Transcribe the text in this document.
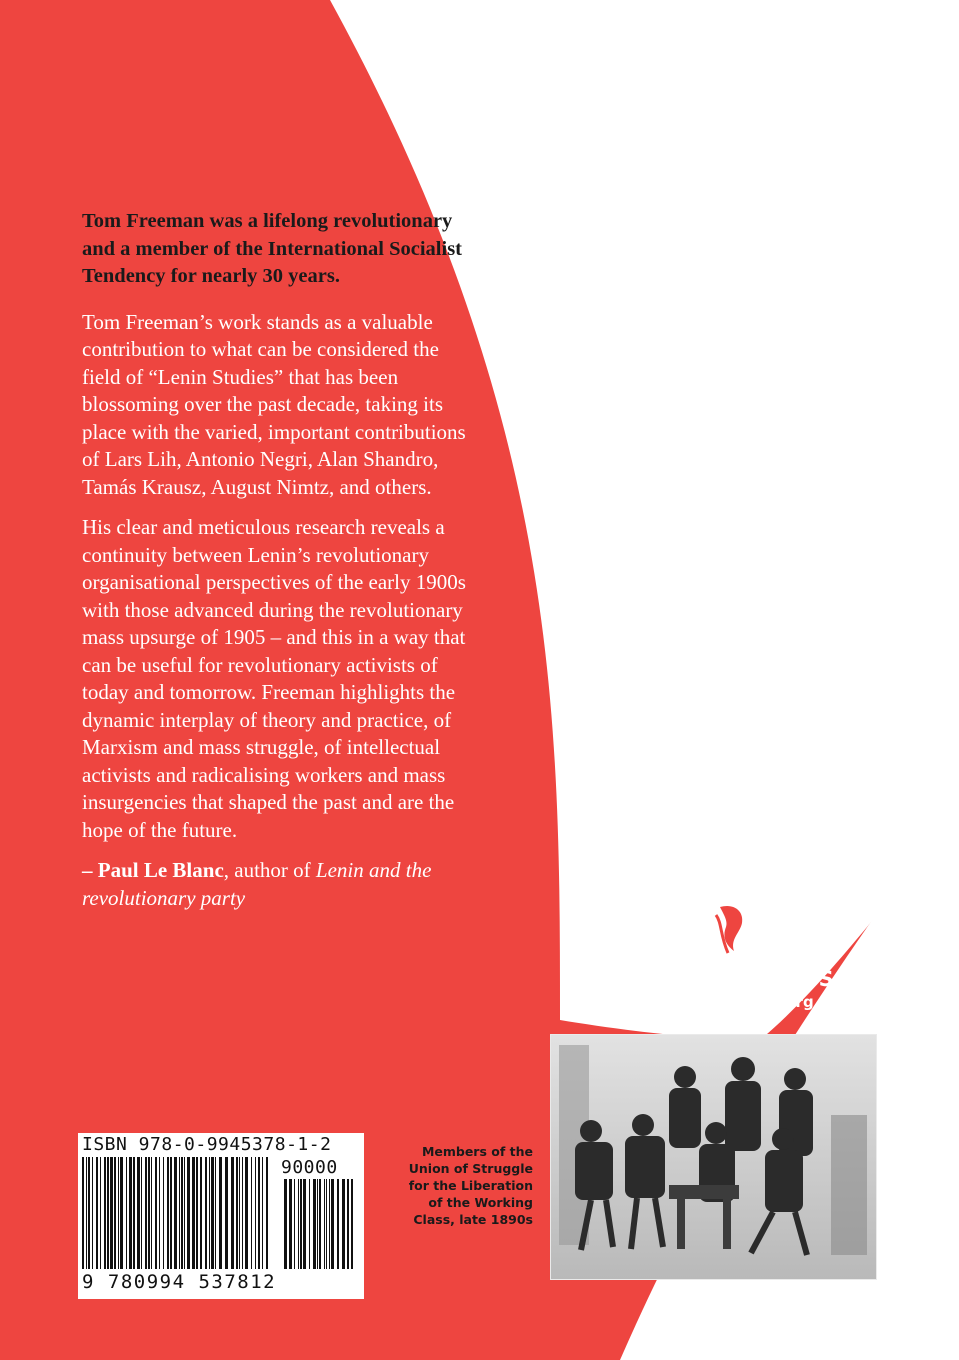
Tom Freeman was a lifelong revolutionary and a member of the International Socialist Tendency for nearly 30 years.

Tom Freeman’s work stands as a valuable contribution to what can be considered the field of “Lenin Studies” that has been blossoming over the past decade, taking its place with the varied, important contributions of Lars Lih, Antonio Negri, Alan Shandro, Tamás Krausz, August Nimtz, and others.

His clear and meticulous research reveals a continuity between Lenin’s revolutionary organisational perspectives of the early 1900s with those advanced during the revolutionary mass upsurge of 1905 – and this in a way that can be useful for revolutionary activists of today and tomorrow. Freeman highlights the dynamic interplay of theory and practice, of Marxism and mass struggle, of intellectual activists and radicalising workers and mass insurgencies that shaped the past and are the hope of the future.

– Paul Le Blanc, author of Lenin and the revolutionary party

INTERVENTIONS
www.interventions.org.au
Members of the Union of Struggle for the Liberation of the Working Class, late 1890s
ISBN 978-0-9945378-1-2
90000
9 780994 537812
